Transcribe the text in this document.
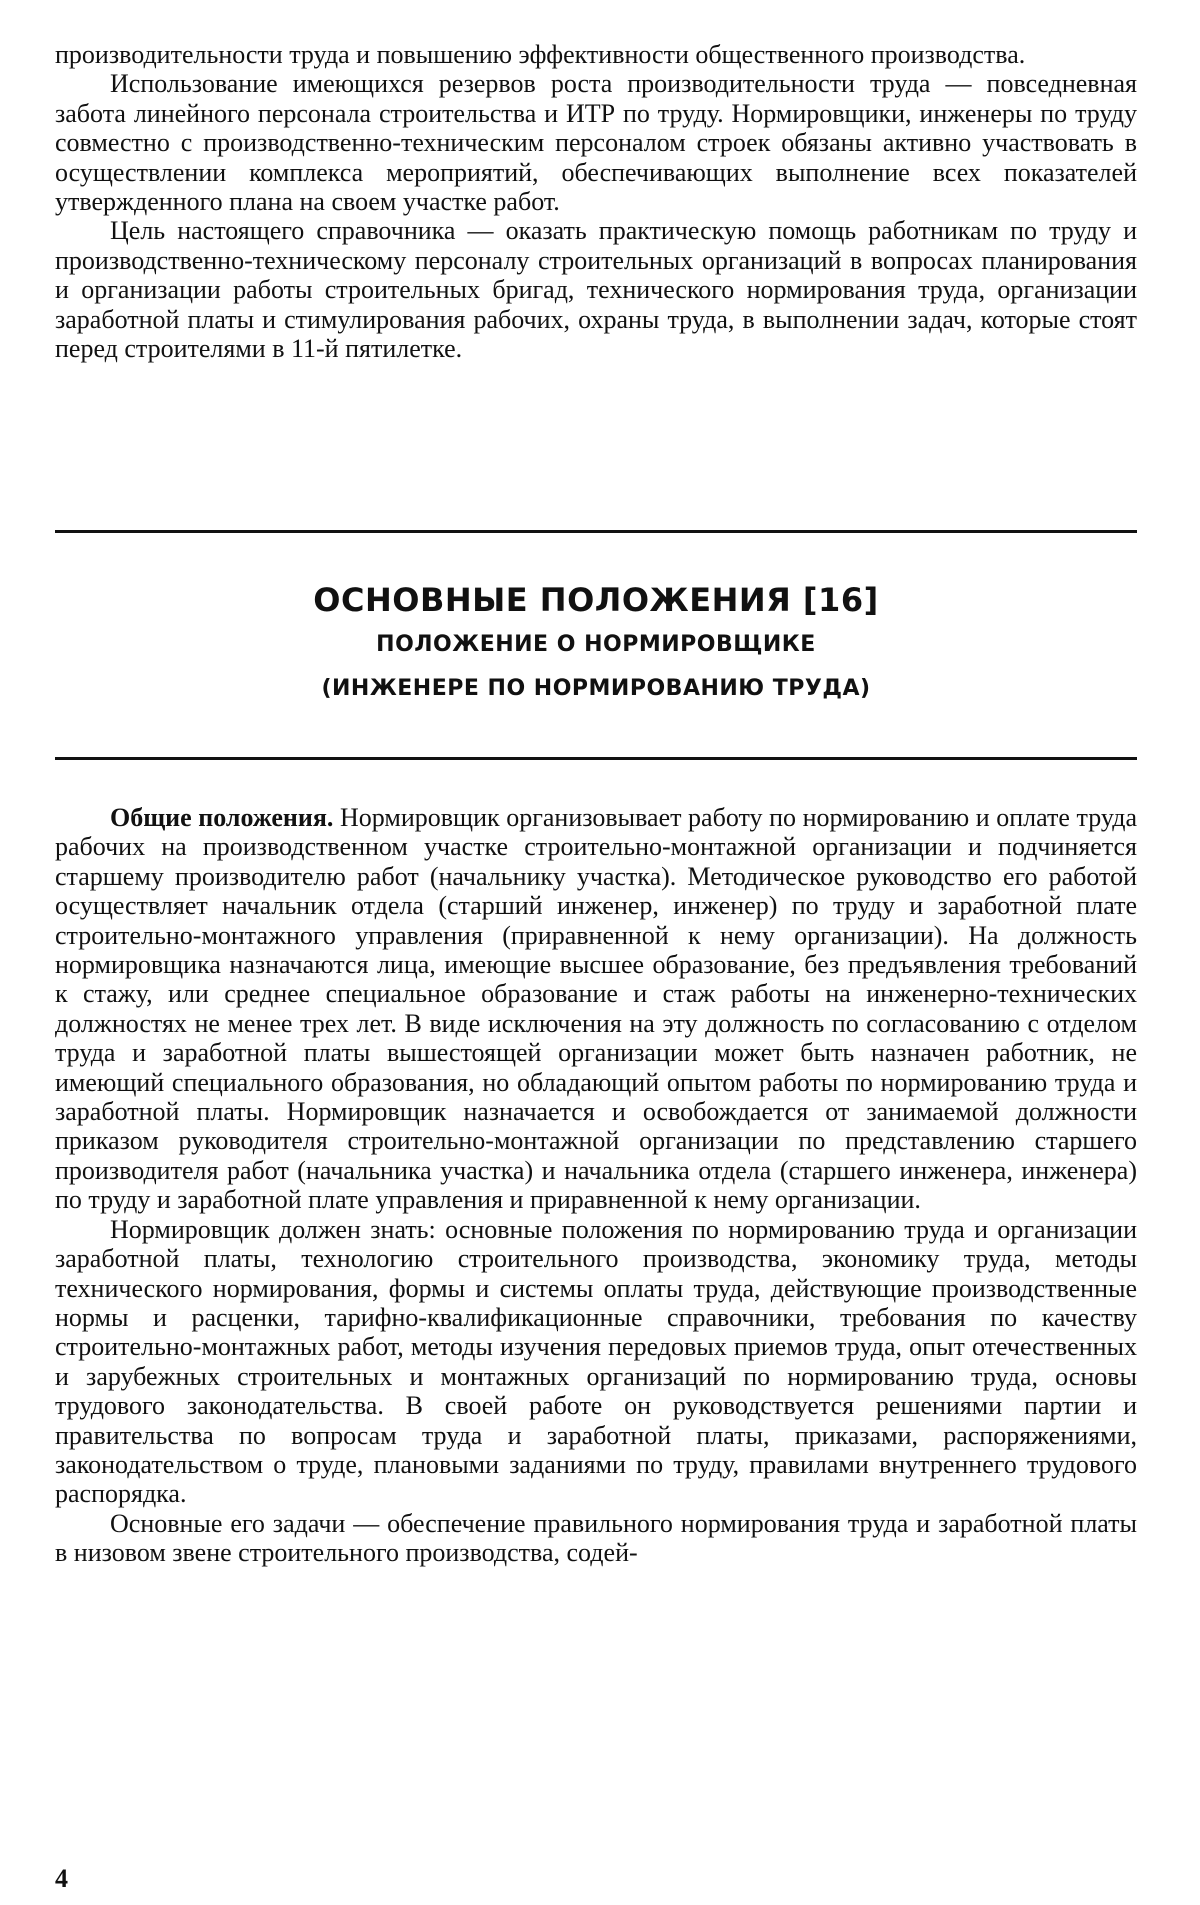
производительности труда и повышению эффективности общественного производства.

Использование имеющихся резервов роста производительности труда — повседневная забота линейного персонала строительства и ИТР по труду. Нормировщики, инженеры по труду совместно с производственно-техническим персоналом строек обязаны активно участвовать в осуществлении комплекса мероприятий, обеспечивающих выполнение всех показателей утвержденного плана на своем участке работ.

Цель настоящего справочника — оказать практическую помощь работникам по труду и производственно-техническому персоналу строительных организаций в вопросах планирования и организации работы строительных бригад, технического нормирования труда, организации заработной платы и стимулирования рабочих, охраны труда, в выполнении задач, которые стоят перед строителями в 11-й пятилетке.

ОСНОВНЫЕ ПОЛОЖЕНИЯ [16]
ПОЛОЖЕНИЕ О НОРМИРОВЩИКЕ
(ИНЖЕНЕРЕ ПО НОРМИРОВАНИЮ ТРУДА)

Общие положения. Нормировщик организовывает работу по нормированию и оплате труда рабочих на производственном участке строительно-монтажной организации и подчиняется старшему производителю работ (начальнику участка). Методическое руководство его работой осуществляет начальник отдела (старший инженер, инженер) по труду и заработной плате строительно-монтажного управления (приравненной к нему организации). На должность нормировщика назначаются лица, имеющие высшее образование, без предъявления требований к стажу, или среднее специальное образование и стаж работы на инженерно-технических должностях не менее трех лет. В виде исключения на эту должность по согласованию с отделом труда и заработной платы вышестоящей организации может быть назначен работник, не имеющий специального образования, но обладающий опытом работы по нормированию труда и заработной платы. Нормировщик назначается и освобождается от занимаемой должности приказом руководителя строительно-монтажной организации по представлению старшего производителя работ (начальника участка) и начальника отдела (старшего инженера, инженера) по труду и заработной плате управления и приравненной к нему организации.

Нормировщик должен знать: основные положения по нормированию труда и организации заработной платы, технологию строительного производства, экономику труда, методы технического нормирования, формы и системы оплаты труда, действующие производственные нормы и расценки, тарифно-квалификационные справочники, требования по качеству строительно-монтажных работ, методы изучения передовых приемов труда, опыт отечественных и зарубежных строительных и монтажных организаций по нормированию труда, основы трудового законодательства. В своей работе он руководствуется решениями партии и правительства по вопросам труда и заработной платы, приказами, распоряжениями, законодательством о труде, плановыми заданиями по труду, правилами внутреннего трудового распорядка.

Основные его задачи — обеспечение правильного нормирования труда и заработной платы в низовом звене строительного производства, содей-

4
